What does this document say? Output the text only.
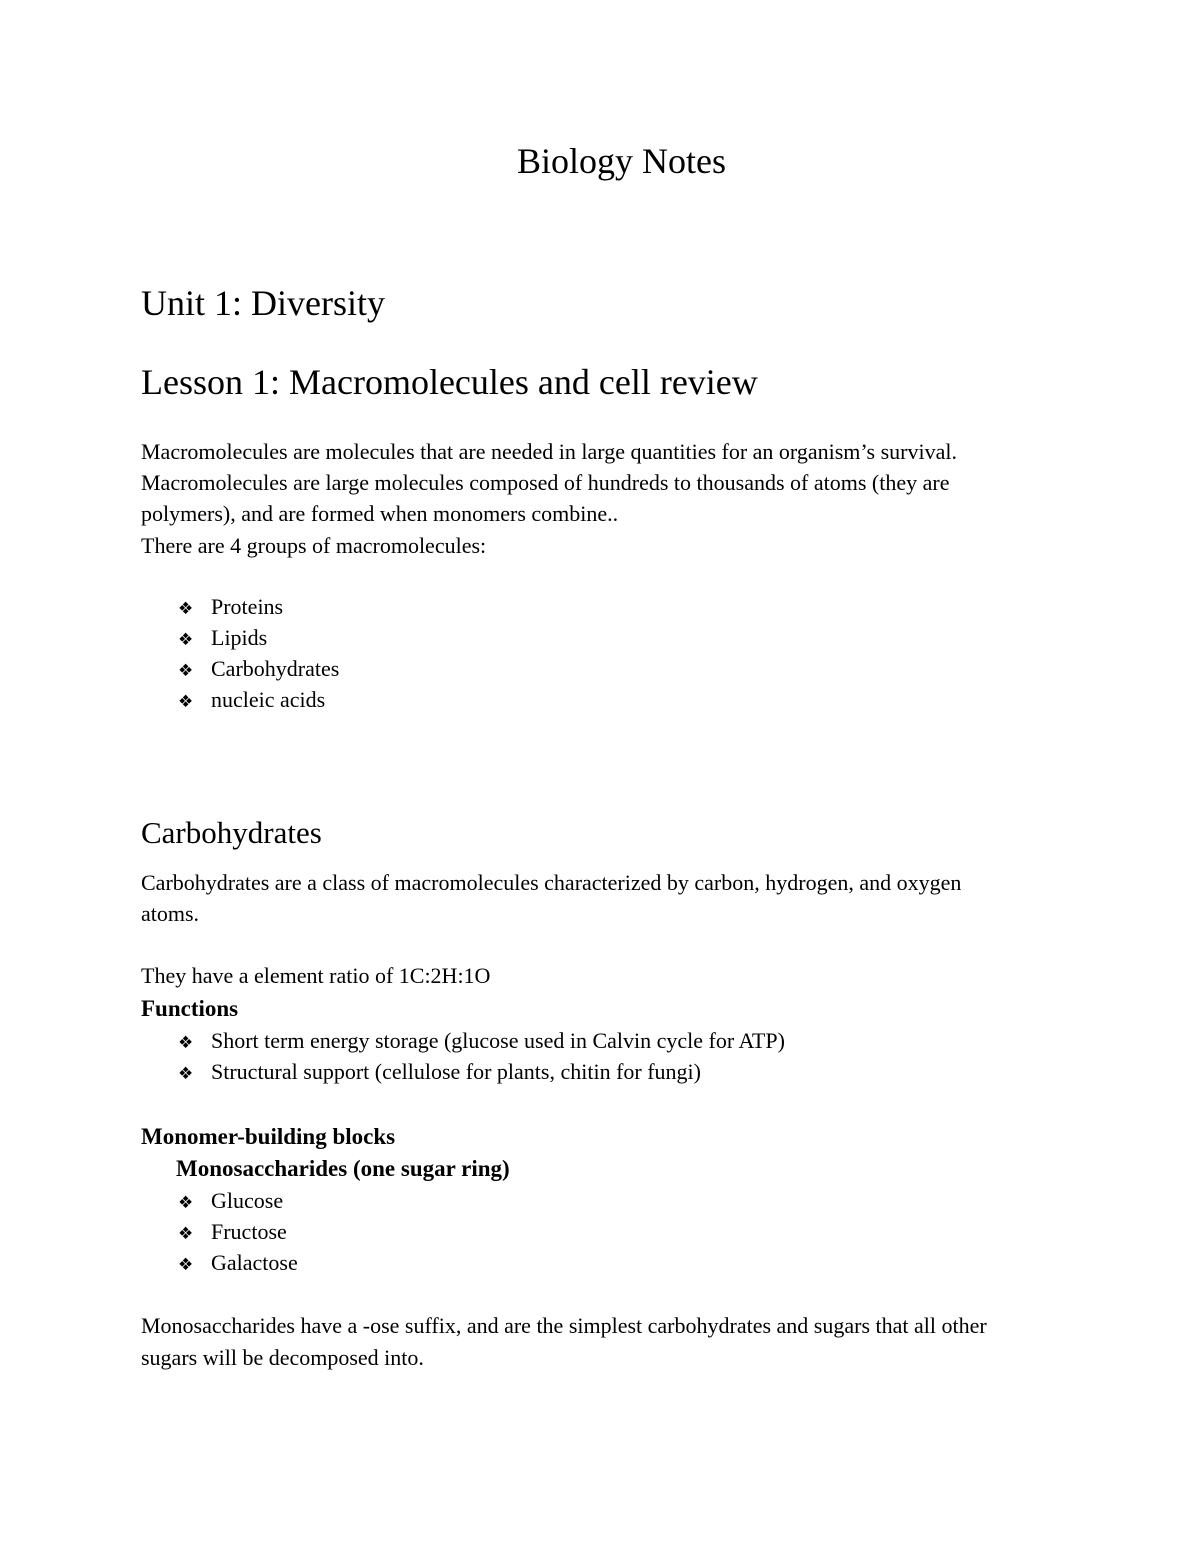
Biology Notes
Unit 1: Diversity
Lesson 1: Macromolecules and cell review
Macromolecules are molecules that are needed in large quantities for an organism’s survival.
Macromolecules are large molecules composed of hundreds to thousands of atoms (they are
polymers), and are formed when monomers combine..
There are 4 groups of macromolecules:
❖ Proteins
❖ Lipids
❖ Carbohydrates
❖ nucleic acids
Carbohydrates
Carbohydrates are a class of macromolecules characterized by carbon, hydrogen, and oxygen
atoms.
They have a element ratio of 1C:2H:1O
Functions
❖ Short term energy storage (glucose used in Calvin cycle for ATP)
❖ Structural support (cellulose for plants, chitin for fungi)
Monomer-building blocks
Monosaccharides (one sugar ring)
❖ Glucose
❖ Fructose
❖ Galactose
Monosaccharides have a -ose suffix, and are the simplest carbohydrates and sugars that all other
sugars will be decomposed into.
